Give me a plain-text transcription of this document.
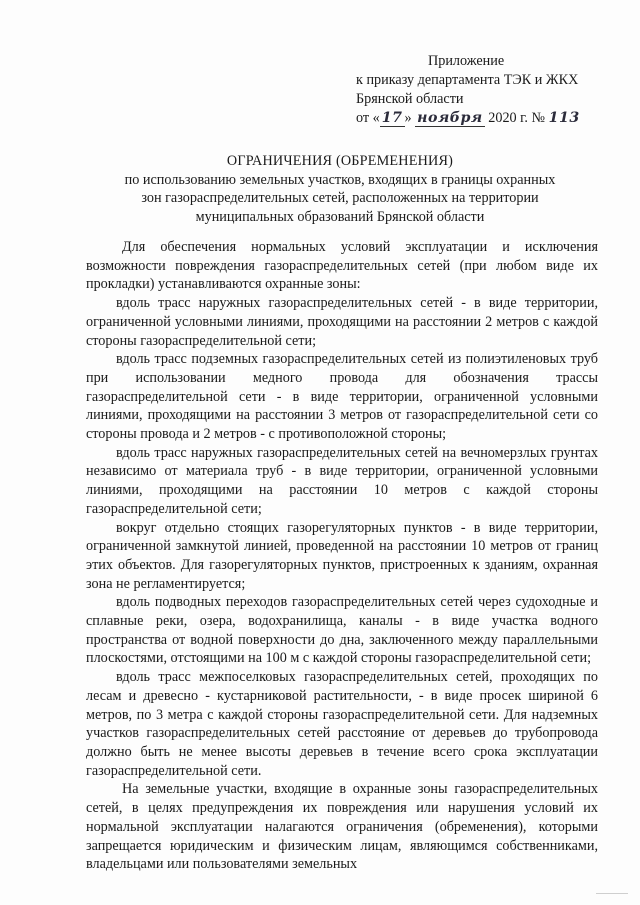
Приложение
к приказу департамента ТЭК и ЖКХ
Брянской области
от « 17 » ноября 2020 г. № 113
ОГРАНИЧЕНИЯ (ОБРЕМЕНЕНИЯ)
по использованию земельных участков, входящих в границы охранных
зон газораспределительных сетей, расположенных на территории
муниципальных образований Брянской области

Для обеспечения нормальных условий эксплуатации и исключения возможности повреждения газораспределительных сетей (при любом виде их прокладки) устанавливаются охранные зоны:

вдоль трасс наружных газораспределительных сетей - в виде территории, ограниченной условными линиями, проходящими на расстоянии 2 метров с каждой стороны газораспределительной сети;

вдоль трасс подземных газораспределительных сетей из полиэтиленовых труб при использовании медного провода для обозначения трассы газораспределительной сети - в виде территории, ограниченной условными линиями, проходящими на расстоянии 3 метров от газораспределительной сети со стороны провода и 2 метров - с противоположной стороны;

вдоль трасс наружных газораспределительных сетей на вечномерзлых грунтах независимо от материала труб - в виде территории, ограниченной условными линиями, проходящими на расстоянии 10 метров с каждой стороны газораспределительной сети;

вокруг отдельно стоящих газорегуляторных пунктов - в виде территории, ограниченной замкнутой линией, проведенной на расстоянии 10 метров от границ этих объектов. Для газорегуляторных пунктов, пристроенных к зданиям, охранная зона не регламентируется;

вдоль подводных переходов газораспределительных сетей через судоходные и сплавные реки, озера, водохранилища, каналы - в виде участка водного пространства от водной поверхности до дна, заключенного между параллельными плоскостями, отстоящими на 100 м с каждой стороны газораспределительной сети;

вдоль трасс межпоселковых газораспределительных сетей, проходящих по лесам и древесно - кустарниковой растительности, - в виде просек шириной 6 метров, по 3 метра с каждой стороны газораспределительной сети. Для надземных участков газораспределительных сетей расстояние от деревьев до трубопровода должно быть не менее высоты деревьев в течение всего срока эксплуатации газораспределительной сети.

На земельные участки, входящие в охранные зоны газораспределительных сетей, в целях предупреждения их повреждения или нарушения условий их нормальной эксплуатации налагаются ограничения (обременения), которыми запрещается юридическим и физическим лицам, являющимся собственниками, владельцами или пользователями земельных
